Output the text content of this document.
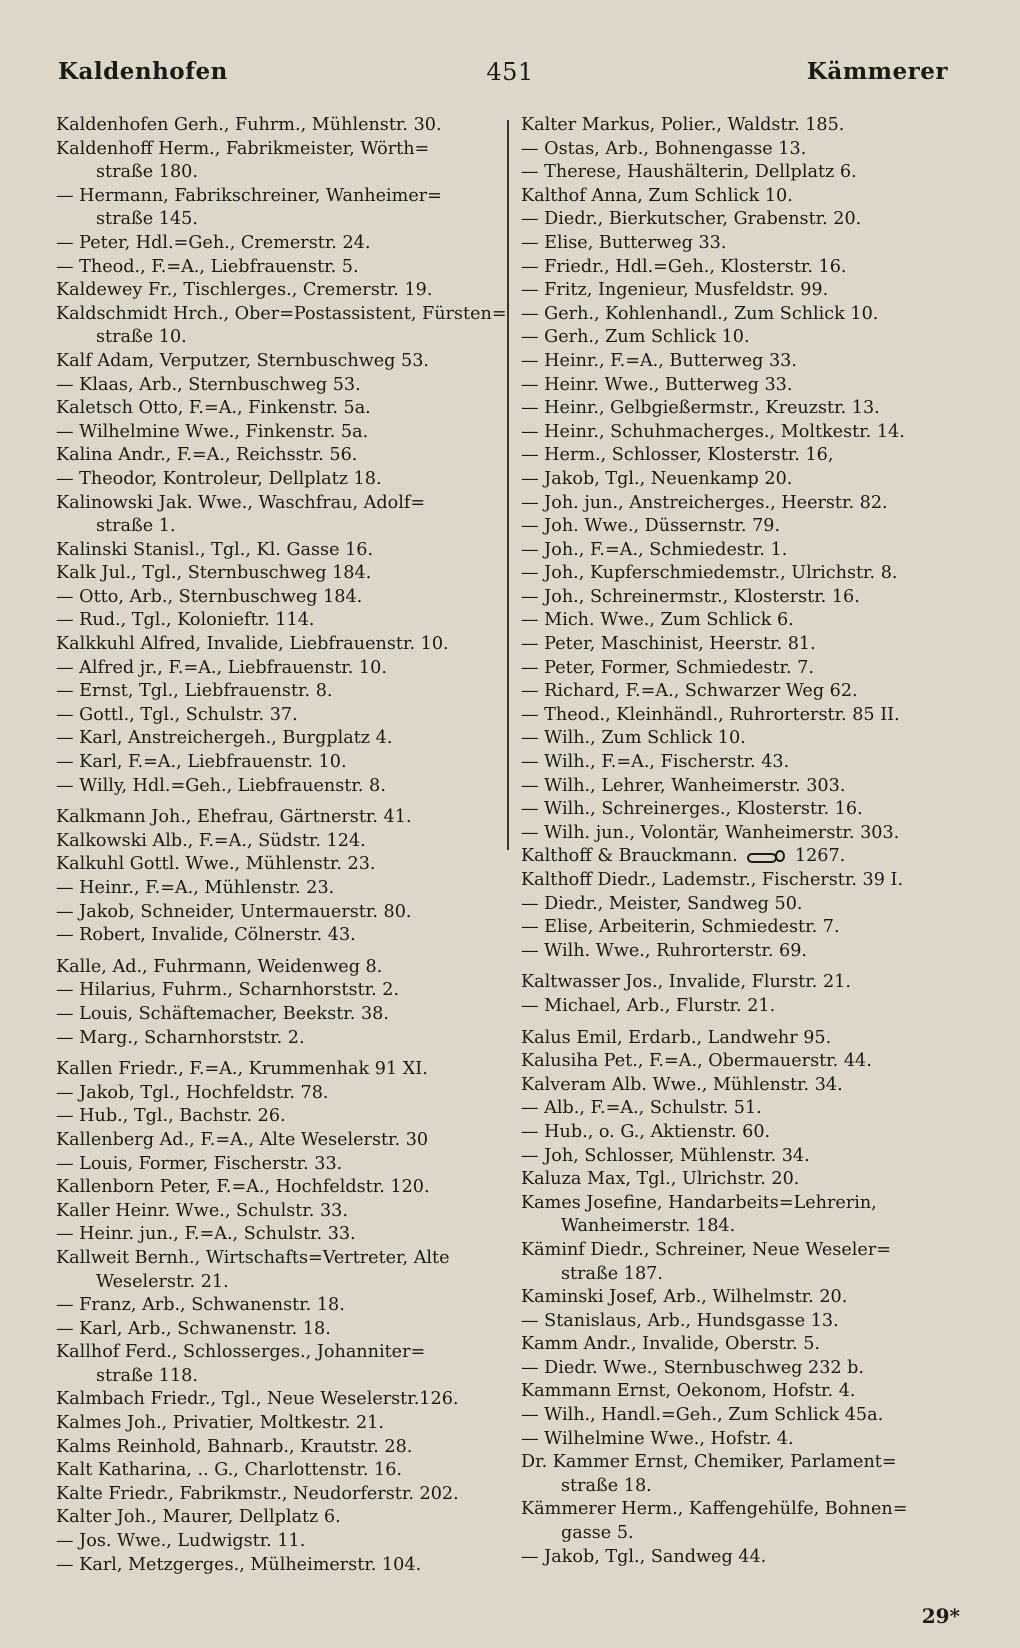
Kaldenhofen	451	Kämmerer
Kaldenhofen Gerh., Fuhrm., Mühlenstr. 30.
Kaldenhoff Herm., Fabrikmeister, Wörth=
straße 180.
— Hermann, Fabrikschreiner, Wanheimer=
straße 145.
— Peter, Hdl.=Geh., Cremerstr. 24.
— Theod., F.=A., Liebfrauenstr. 5.
Kaldewey Fr., Tischlerges., Cremerstr. 19.
Kaldschmidt Hrch., Ober=Postassistent, Fürsten=
straße 10.
Kalf Adam, Verputzer, Sternbuschweg 53.
— Klaas, Arb., Sternbuschweg 53.
Kaletsch Otto, F.=A., Finkenstr. 5a.
— Wilhelmine Wwe., Finkenstr. 5a.
Kalina Andr., F.=A., Reichsstr. 56.
— Theodor, Kontroleur, Dellplatz 18.
Kalinowski Jak. Wwe., Waschfrau, Adolf=
straße 1.
Kalinski Stanisl., Tgl., Kl. Gasse 16.
Kalk Jul., Tgl., Sternbuschweg 184.
— Otto, Arb., Sternbuschweg 184.
— Rud., Tgl., Kolonieftr. 114.
Kalkkuhl Alfred, Invalide, Liebfrauenstr. 10.
— Alfred jr., F.=A., Liebfrauenstr. 10.
— Ernst, Tgl., Liebfrauenstr. 8.
— Gottl., Tgl., Schulstr. 37.
— Karl, Anstreichergeh., Burgplatz 4.
— Karl, F.=A., Liebfrauenstr. 10.
— Willy, Hdl.=Geh., Liebfrauenstr. 8.
Kalkmann Joh., Ehefrau, Gärtnerstr. 41.
Kalkowski Alb., F.=A., Südstr. 124.
Kalkuhl Gottl. Wwe., Mühlenstr. 23.
— Heinr., F.=A., Mühlenstr. 23.
— Jakob, Schneider, Untermauerstr. 80.
— Robert, Invalide, Cölnerstr. 43.
Kalle, Ad., Fuhrmann, Weidenweg 8.
— Hilarius, Fuhrm., Scharnhorststr. 2.
— Louis, Schäftemacher, Beekstr. 38.
— Marg., Scharnhorststr. 2.
Kallen Friedr., F.=A., Krummenhak 91 XI.
— Jakob, Tgl., Hochfeldstr. 78.
— Hub., Tgl., Bachstr. 26.
Kallenberg Ad., F.=A., Alte Weselerstr. 30
— Louis, Former, Fischerstr. 33.
Kallenborn Peter, F.=A., Hochfeldstr. 120.
Kaller Heinr. Wwe., Schulstr. 33.
— Heinr. jun., F.=A., Schulstr. 33.
Kallweit Bernh., Wirtschafts=Vertreter, Alte
Weselerstr. 21.
— Franz, Arb., Schwanenstr. 18.
— Karl, Arb., Schwanenstr. 18.
Kallhof Ferd., Schlosserges., Johanniter=
straße 118.
Kalmbach Friedr., Tgl., Neue Weselerstr.126.
Kalmes Joh., Privatier, Moltkestr. 21.
Kalms Reinhold, Bahnarb., Krautstr. 28.
Kalt Katharina, .. G., Charlottenstr. 16.
Kalte Friedr., Fabrikmstr., Neudorferstr. 202.
Kalter Joh., Maurer, Dellplatz 6.
— Jos. Wwe., Ludwigstr. 11.
— Karl, Metzgerges., Mülheimerstr. 104.
Kalter Markus, Polier., Waldstr. 185.
— Ostas, Arb., Bohnengasse 13.
— Therese, Haushälterin, Dellplatz 6.
Kalthof Anna, Zum Schlick 10.
— Diedr., Bierkutscher, Grabenstr. 20.
— Elise, Butterweg 33.
— Friedr., Hdl.=Geh., Klosterstr. 16.
— Fritz, Ingenieur, Musfeldstr. 99.
— Gerh., Kohlenhandl., Zum Schlick 10.
— Gerh., Zum Schlick 10.
— Heinr., F.=A., Butterweg 33.
— Heinr. Wwe., Butterweg 33.
— Heinr., Gelbgießermstr., Kreuzstr. 13.
— Heinr., Schuhmacherges., Moltkestr. 14.
— Herm., Schlosser, Klosterstr. 16,
— Jakob, Tgl., Neuenkamp 20.
— Joh. jun., Anstreicherges., Heerstr. 82.
— Joh. Wwe., Düssernstr. 79.
— Joh., F.=A., Schmiedestr. 1.
— Joh., Kupferschmiedemstr., Ulrichstr. 8.
— Joh., Schreinermstr., Klosterstr. 16.
— Mich. Wwe., Zum Schlick 6.
— Peter, Maschinist, Heerstr. 81.
— Peter, Former, Schmiedestr. 7.
— Richard, F.=A., Schwarzer Weg 62.
— Theod., Kleinhändl., Ruhrorterstr. 85 II.
— Wilh., Zum Schlick 10.
— Wilh., F.=A., Fischerstr. 43.
— Wilh., Lehrer, Wanheimerstr. 303.
— Wilh., Schreinerges., Klosterstr. 16.
— Wilh. jun., Volontär, Wanheimerstr. 303.
Kalthoff & Brauckmann.	1267.
Kalthoff Diedr., Lademstr., Fischerstr. 39 I.
— Diedr., Meister, Sandweg 50.
— Elise, Arbeiterin, Schmiedestr. 7.
— Wilh. Wwe., Ruhrorterstr. 69.
Kaltwasser Jos., Invalide, Flurstr. 21.
— Michael, Arb., Flurstr. 21.
Kalus Emil, Erdarb., Landwehr 95.
Kalusiha Pet., F.=A., Obermauerstr. 44.
Kalveram Alb. Wwe., Mühlenstr. 34.
— Alb., F.=A., Schulstr. 51.
— Hub., o. G., Aktienstr. 60.
— Joh, Schlosser, Mühlenstr. 34.
Kaluza Max, Tgl., Ulrichstr. 20.
Kames Josefine, Handarbeits=Lehrerin,
Wanheimerstr. 184.
Käminf Diedr., Schreiner, Neue Weseler=
straße 187.
Kaminski Josef, Arb., Wilhelmstr. 20.
— Stanislaus, Arb., Hundsgasse 13.
Kamm Andr., Invalide, Oberstr. 5.
— Diedr. Wwe., Sternbuschweg 232 b.
Kammann Ernst, Oekonom, Hofstr. 4.
— Wilh., Handl.=Geh., Zum Schlick 45a.
— Wilhelmine Wwe., Hofstr. 4.
Dr. Kammer Ernst, Chemiker, Parlament=
straße 18.
Kämmerer Herm., Kaffengehülfe, Bohnen=
gasse 5.
— Jakob, Tgl., Sandweg 44.
29*
